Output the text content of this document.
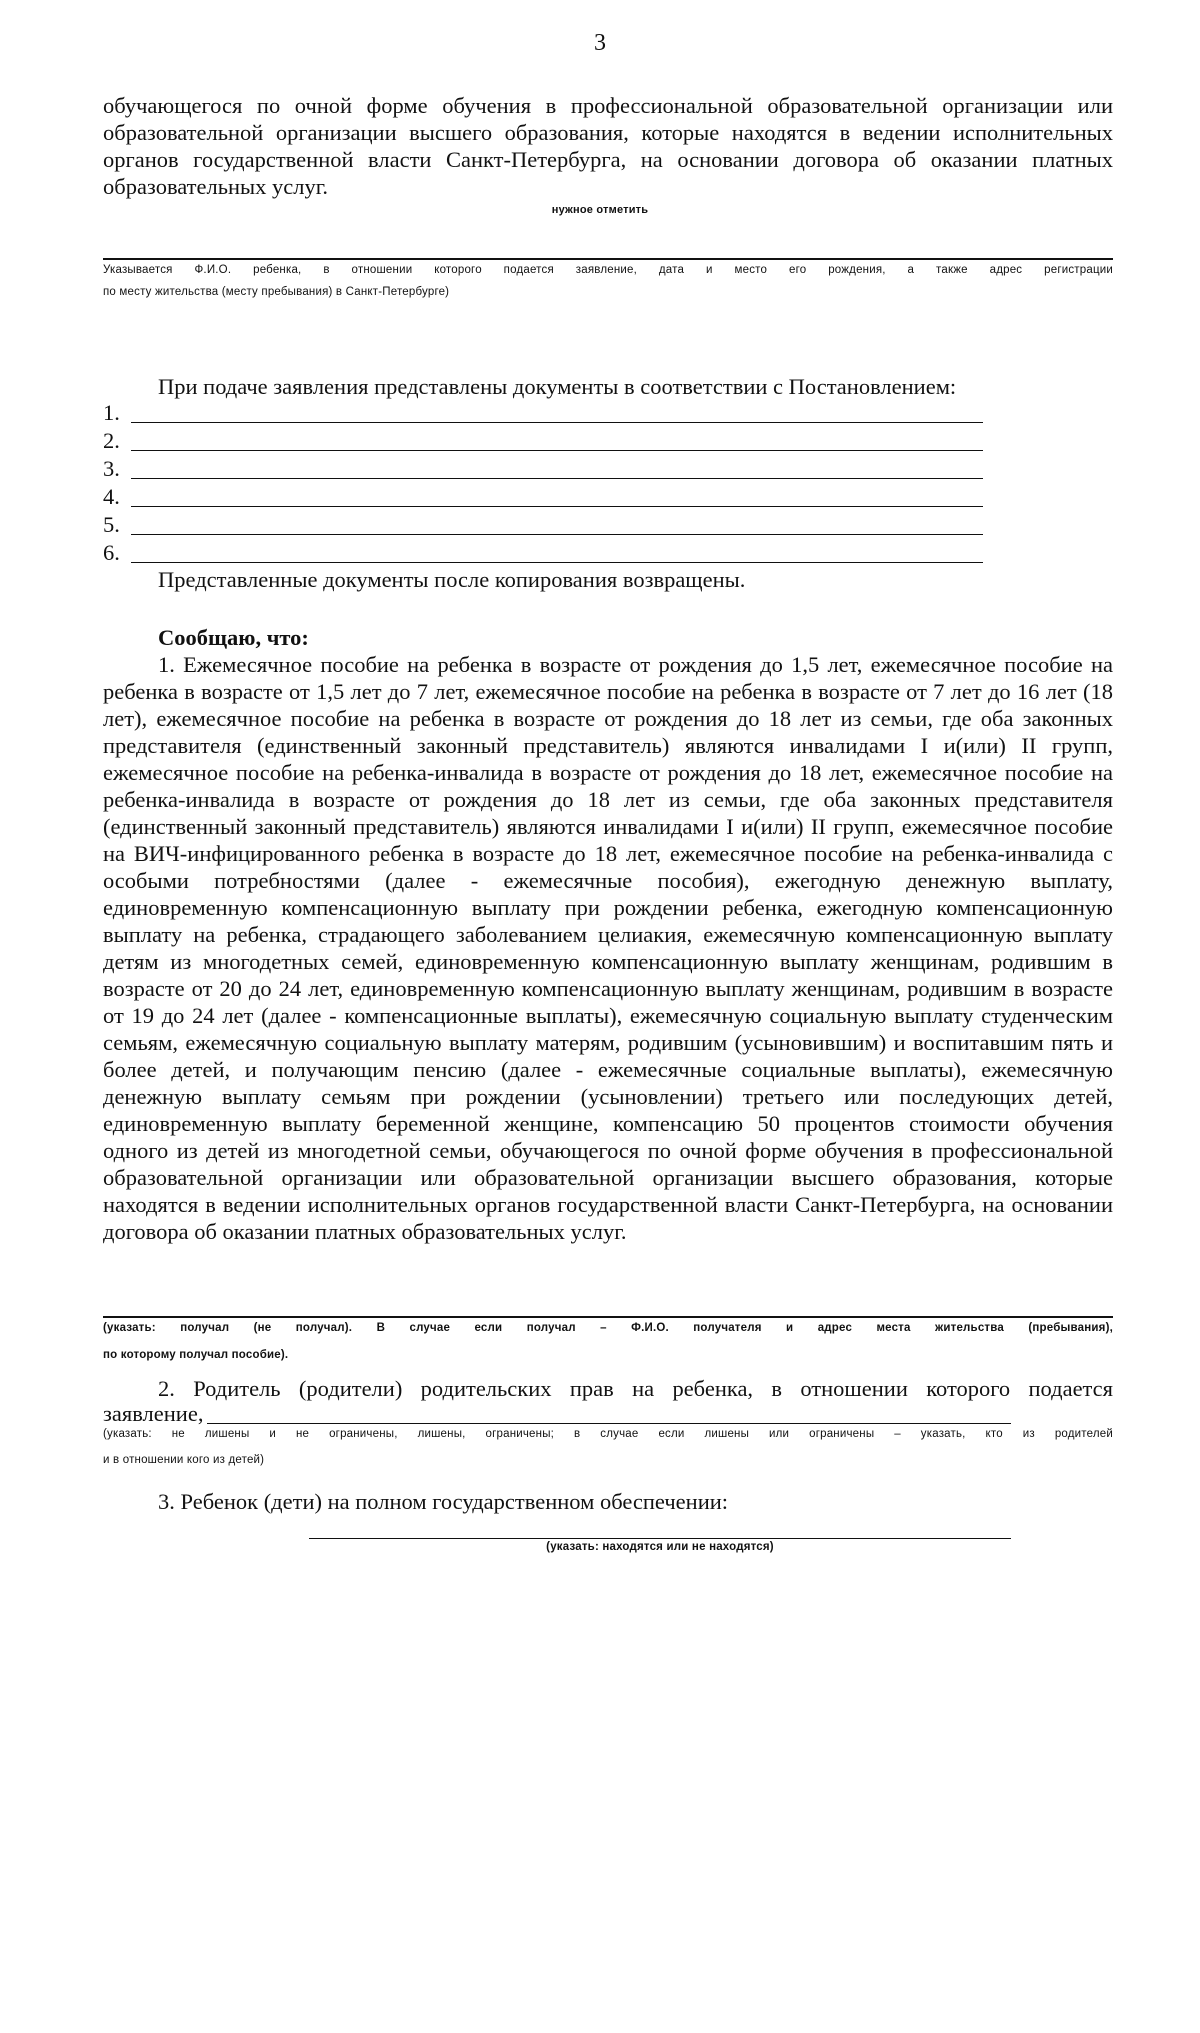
3
обучающегося по очной форме обучения в профессиональной образовательной организации или образовательной организации высшего образования, которые находятся в ведении исполнительных органов государственной власти Санкт-Петербурга, на основании договора об оказании платных образовательных услуг.
нужное отметить
Указывается Ф.И.О. ребенка, в отношении которого подается заявление, дата и место его рождения, а также адрес регистрации
по месту жительства (месту пребывания) в Санкт-Петербурге)
При подаче заявления представлены документы в соответствии с Постановлением:
1.
2.
3.
4.
5.
6.
Представленные документы после копирования возвращены.
Сообщаю, что:
1. Ежемесячное пособие на ребенка в возрасте от рождения до 1,5 лет, ежемесячное пособие на ребенка в возрасте от 1,5 лет до 7 лет, ежемесячное пособие на ребенка в возрасте от 7 лет до 16 лет (18 лет), ежемесячное пособие на ребенка в возрасте от рождения до 18 лет из семьи, где оба законных представителя (единственный законный представитель) являются инвалидами I и(или) II групп, ежемесячное пособие на ребенка-инвалида в возрасте от рождения до 18 лет, ежемесячное пособие на ребенка-инвалида в возрасте от рождения до 18 лет из семьи, где оба законных представителя (единственный законный представитель) являются инвалидами I и(или) II групп, ежемесячное пособие на ВИЧ-инфицированного ребенка в возрасте до 18 лет, ежемесячное пособие на ребенка-инвалида с особыми потребностями (далее - ежемесячные пособия), ежегодную денежную выплату, единовременную компенсационную выплату при рождении ребенка, ежегодную компенсационную выплату на ребенка, страдающего заболеванием целиакия, ежемесячную компенсационную выплату детям из многодетных семей, единовременную компенсационную выплату женщинам, родившим в возрасте от 20 до 24 лет, единовременную компенсационную выплату женщинам, родившим в возрасте от 19 до 24 лет (далее - компенсационные выплаты), ежемесячную социальную выплату студенческим семьям, ежемесячную социальную выплату матерям, родившим (усыновившим) и воспитавшим пять и более детей, и получающим пенсию (далее - ежемесячные социальные выплаты), ежемесячную денежную выплату семьям при рождении (усыновлении) третьего или последующих детей, единовременную выплату беременной женщине, компенсацию 50 процентов стоимости обучения одного из детей из многодетной семьи, обучающегося по очной форме обучения в профессиональной образовательной организации или образовательной организации высшего образования, которые находятся в ведении исполнительных органов государственной власти Санкт-Петербурга, на основании договора об оказании платных образовательных услуг.
(указать: получал (не получал). В случае если получал – Ф.И.О. получателя и адрес места жительства (пребывания),
по которому получал пособие).
2. Родитель (родители) родительских прав на ребенка, в отношении которого подается
заявление,
(указать: не лишены и не ограничены, лишены, ограничены; в случае если лишены или ограничены – указать, кто из родителей
и в отношении кого из детей)
3. Ребенок (дети) на полном государственном обеспечении:
(указать: находятся или не находятся)
